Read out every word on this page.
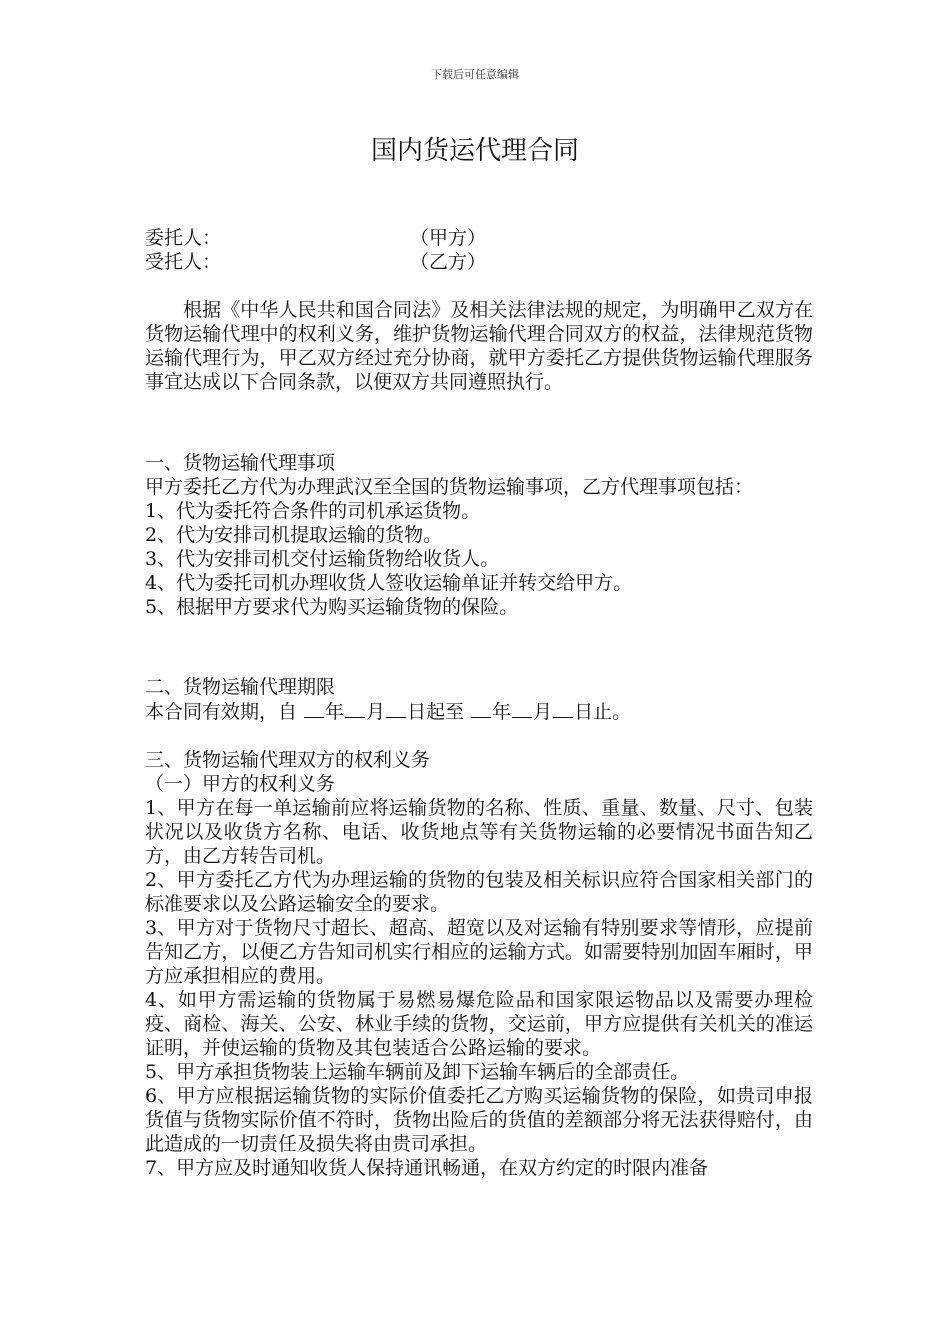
下载后可任意编辑
国内货运代理合同
委托人：	（甲方）
受托人：	（乙方）
根据《中华人民共和国合同法》及相关法律法规的规定，为明确甲乙双方在货物运输代理中的权利义务，维护货物运输代理合同双方的权益，法律规范货物运输代理行为，甲乙双方经过充分协商，就甲方委托乙方提供货物运输代理服务事宜达成以下合同条款，以便双方共同遵照执行。
一、货物运输代理事项
甲方委托乙方代为办理武汉至全国的货物运输事项，乙方代理事项包括：
1、代为委托符合条件的司机承运货物。
2、代为安排司机提取运输的货物。
3、代为安排司机交付运输货物给收货人。
4、代为委托司机办理收货人签收运输单证并转交给甲方。
5、根据甲方要求代为购买运输货物的保险。
二、货物运输代理期限
本合同有效期，自 年 月 日起至 年 月 日止。
三、货物运输代理双方的权利义务
（一）甲方的权利义务
1、甲方在每一单运输前应将运输货物的名称、性质、重量、数量、尺寸、包装状况以及收货方名称、电话、收货地点等有关货物运输的必要情况书面告知乙方，由乙方转告司机。
2、甲方委托乙方代为办理运输的货物的包装及相关标识应符合国家相关部门的标准要求以及公路运输安全的要求。
3、甲方对于货物尺寸超长、超高、超宽以及对运输有特别要求等情形，应提前告知乙方，以便乙方告知司机实行相应的运输方式。如需要特别加固车厢时，甲方应承担相应的费用。
4、如甲方需运输的货物属于易燃易爆危险品和国家限运物品以及需要办理检疫、商检、海关、公安、林业手续的货物，交运前，甲方应提供有关机关的准运证明，并使运输的货物及其包装适合公路运输的要求。
5、甲方承担货物装上运输车辆前及卸下运输车辆后的全部责任。
6、甲方应根据运输货物的实际价值委托乙方购买运输货物的保险，如贵司申报货值与货物实际价值不符时，货物出险后的货值的差额部分将无法获得赔付，由此造成的一切责任及损失将由贵司承担。
7、甲方应及时通知收货人保持通讯畅通，在双方约定的时限内准备
